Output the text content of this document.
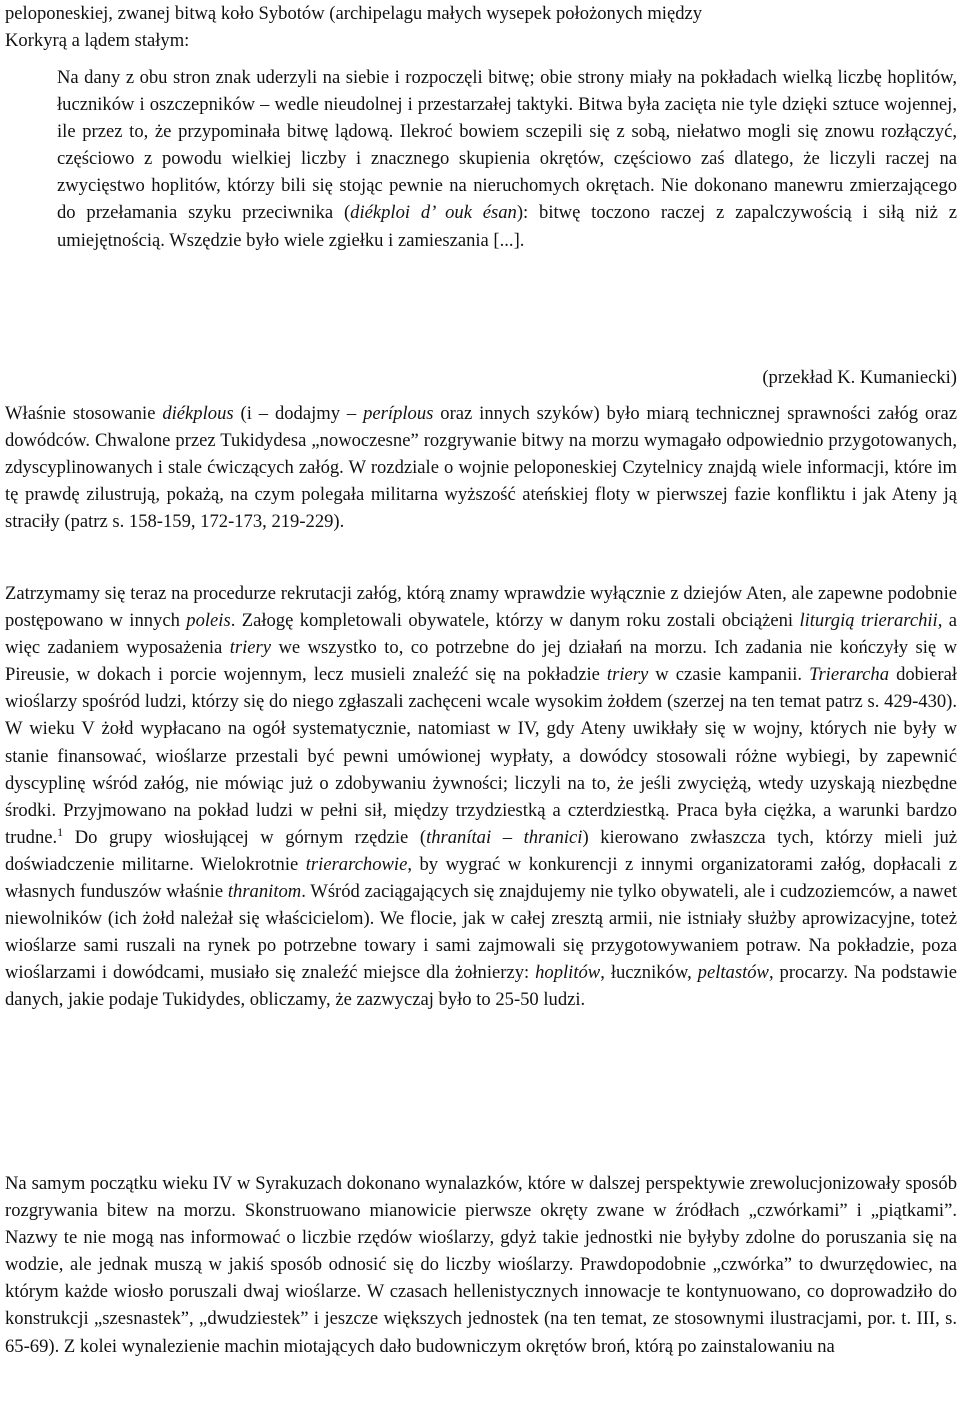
peloponeskiej, zwanej bitwą koło Sybotów (archipelagu małych wysepek położonych między
Korkyrą a lądem stałym:

Na dany z obu stron znak uderzyli na siebie i rozpoczęli bitwę; obie strony miały na pokładach wielką liczbę hoplitów, łuczników i oszczepników – wedle nieudolnej i przestarzałej taktyki. Bitwa była zacięta nie tyle dzięki sztuce wojennej, ile przez to, że przypominała bitwę lądową. Ilekroć bowiem sczepili się z sobą, niełatwo mogli się znowu rozłączyć, częściowo z powodu wielkiej liczby i znacznego skupienia okrętów, częściowo zaś dlatego, że liczyli raczej na zwycięstwo hoplitów, którzy bili się stojąc pewnie na nieruchomych okrętach. Nie dokonano manewru zmierzającego do przełamania szyku przeciwnika (diékploi d’ ouk ésan): bitwę toczono raczej z zapalczywością i siłą niż z umiejętnością. Wszędzie było wiele zgiełku i zamieszania [...].

(przekład K. Kumaniecki)

Właśnie stosowanie diékplous (i – dodajmy – períplous oraz innych szyków) było miarą technicznej sprawności załóg oraz dowódców. Chwalone przez Tukidydesa „nowoczesne” rozgrywanie bitwy na morzu wymagało odpowiednio przygotowanych, zdyscyplinowanych i stale ćwiczących załóg. W rozdziale o wojnie peloponeskiej Czytelnicy znajdą wiele informacji, które im tę prawdę zilustrują, pokażą, na czym polegała militarna wyższość ateńskiej floty w pierwszej fazie konfliktu i jak Ateny ją straciły (patrz s. 158-159, 172-173, 219-229).

Zatrzymamy się teraz na procedurze rekrutacji załóg, którą znamy wprawdzie wyłącznie z dziejów Aten, ale zapewne podobnie postępowano w innych poleis. Załogę kompletowali obywatele, którzy w danym roku zostali obciążeni liturgią trierarchii, a więc zadaniem wyposażenia triery we wszystko to, co potrzebne do jej działań na morzu. Ich zadania nie kończyły się w Pireusie, w dokach i porcie wojennym, lecz musieli znaleźć się na pokładzie triery w czasie kampanii. Trierarcha dobierał wioślarzy spośród ludzi, którzy się do niego zgłaszali zachęceni wcale wysokim żołdem (szerzej na ten temat patrz s. 429-430). W wieku V żołd wypłacano na ogół systematycznie, natomiast w IV, gdy Ateny uwikłały się w wojny, których nie były w stanie finansować, wioślarze przestali być pewni umówionej wypłaty, a dowódcy stosowali różne wybiegi, by zapewnić dyscyplinę wśród załóg, nie mówiąc już o zdobywaniu żywności; liczyli na to, że jeśli zwyciężą, wtedy uzyskają niezbędne środki. Przyjmowano na pokład ludzi w pełni sił, między trzydziestką a czterdziestką. Praca była ciężka, a warunki bardzo trudne.$^1$ Do grupy wiosłującej w górnym rzędzie (thranítai – thranici) kierowano zwłaszcza tych, którzy mieli już doświadczenie militarne. Wielokrotnie trierarchowie, by wygrać w konkurencji z innymi organizatorami załóg, dopłacali z własnych funduszów właśnie thranitom. Wśród zaciągających się znajdujemy nie tylko obywateli, ale i cudzoziemców, a nawet niewolników (ich żołd należał się właścicielom). We flocie, jak w całej zresztą armii, nie istniały służby aprowizacyjne, toteż wioślarze sami ruszali na rynek po potrzebne towary i sami zajmowali się przygotowywaniem potraw. Na pokładzie, poza wioślarzami i dowódcami, musiało się znaleźć miejsce dla żołnierzy: hoplitów, łuczników, peltastów, procarzy. Na podstawie danych, jakie podaje Tukidydes, obliczamy, że zazwyczaj było to 25-50 ludzi.

Na samym początku wieku IV w Syrakuzach dokonano wynalazków, które w dalszej perspektywie zrewolucjonizowały sposób rozgrywania bitew na morzu. Skonstruowano mianowicie pierwsze okręty zwane w źródłach „czwórkami” i „piątkami”. Nazwy te nie mogą nas informować o liczbie rzędów wioślarzy, gdyż takie jednostki nie byłyby zdolne do poruszania się na wodzie, ale jednak muszą w jakiś sposób odnosić się do liczby wioślarzy. Prawdopodobnie „czwórka” to dwurzędowiec, na którym każde wiosło poruszali dwaj wioślarze. W czasach hellenistycznych innowacje te kontynuowano, co doprowadziło do konstrukcji „szesnastek”, „dwudziestek” i jeszcze większych jednostek (na ten temat, ze stosownymi ilustracjami, por. t. III, s. 65-69). Z kolei wynalezienie machin miotających dało budowniczym okrętów broń, którą po zainstalowaniu na
